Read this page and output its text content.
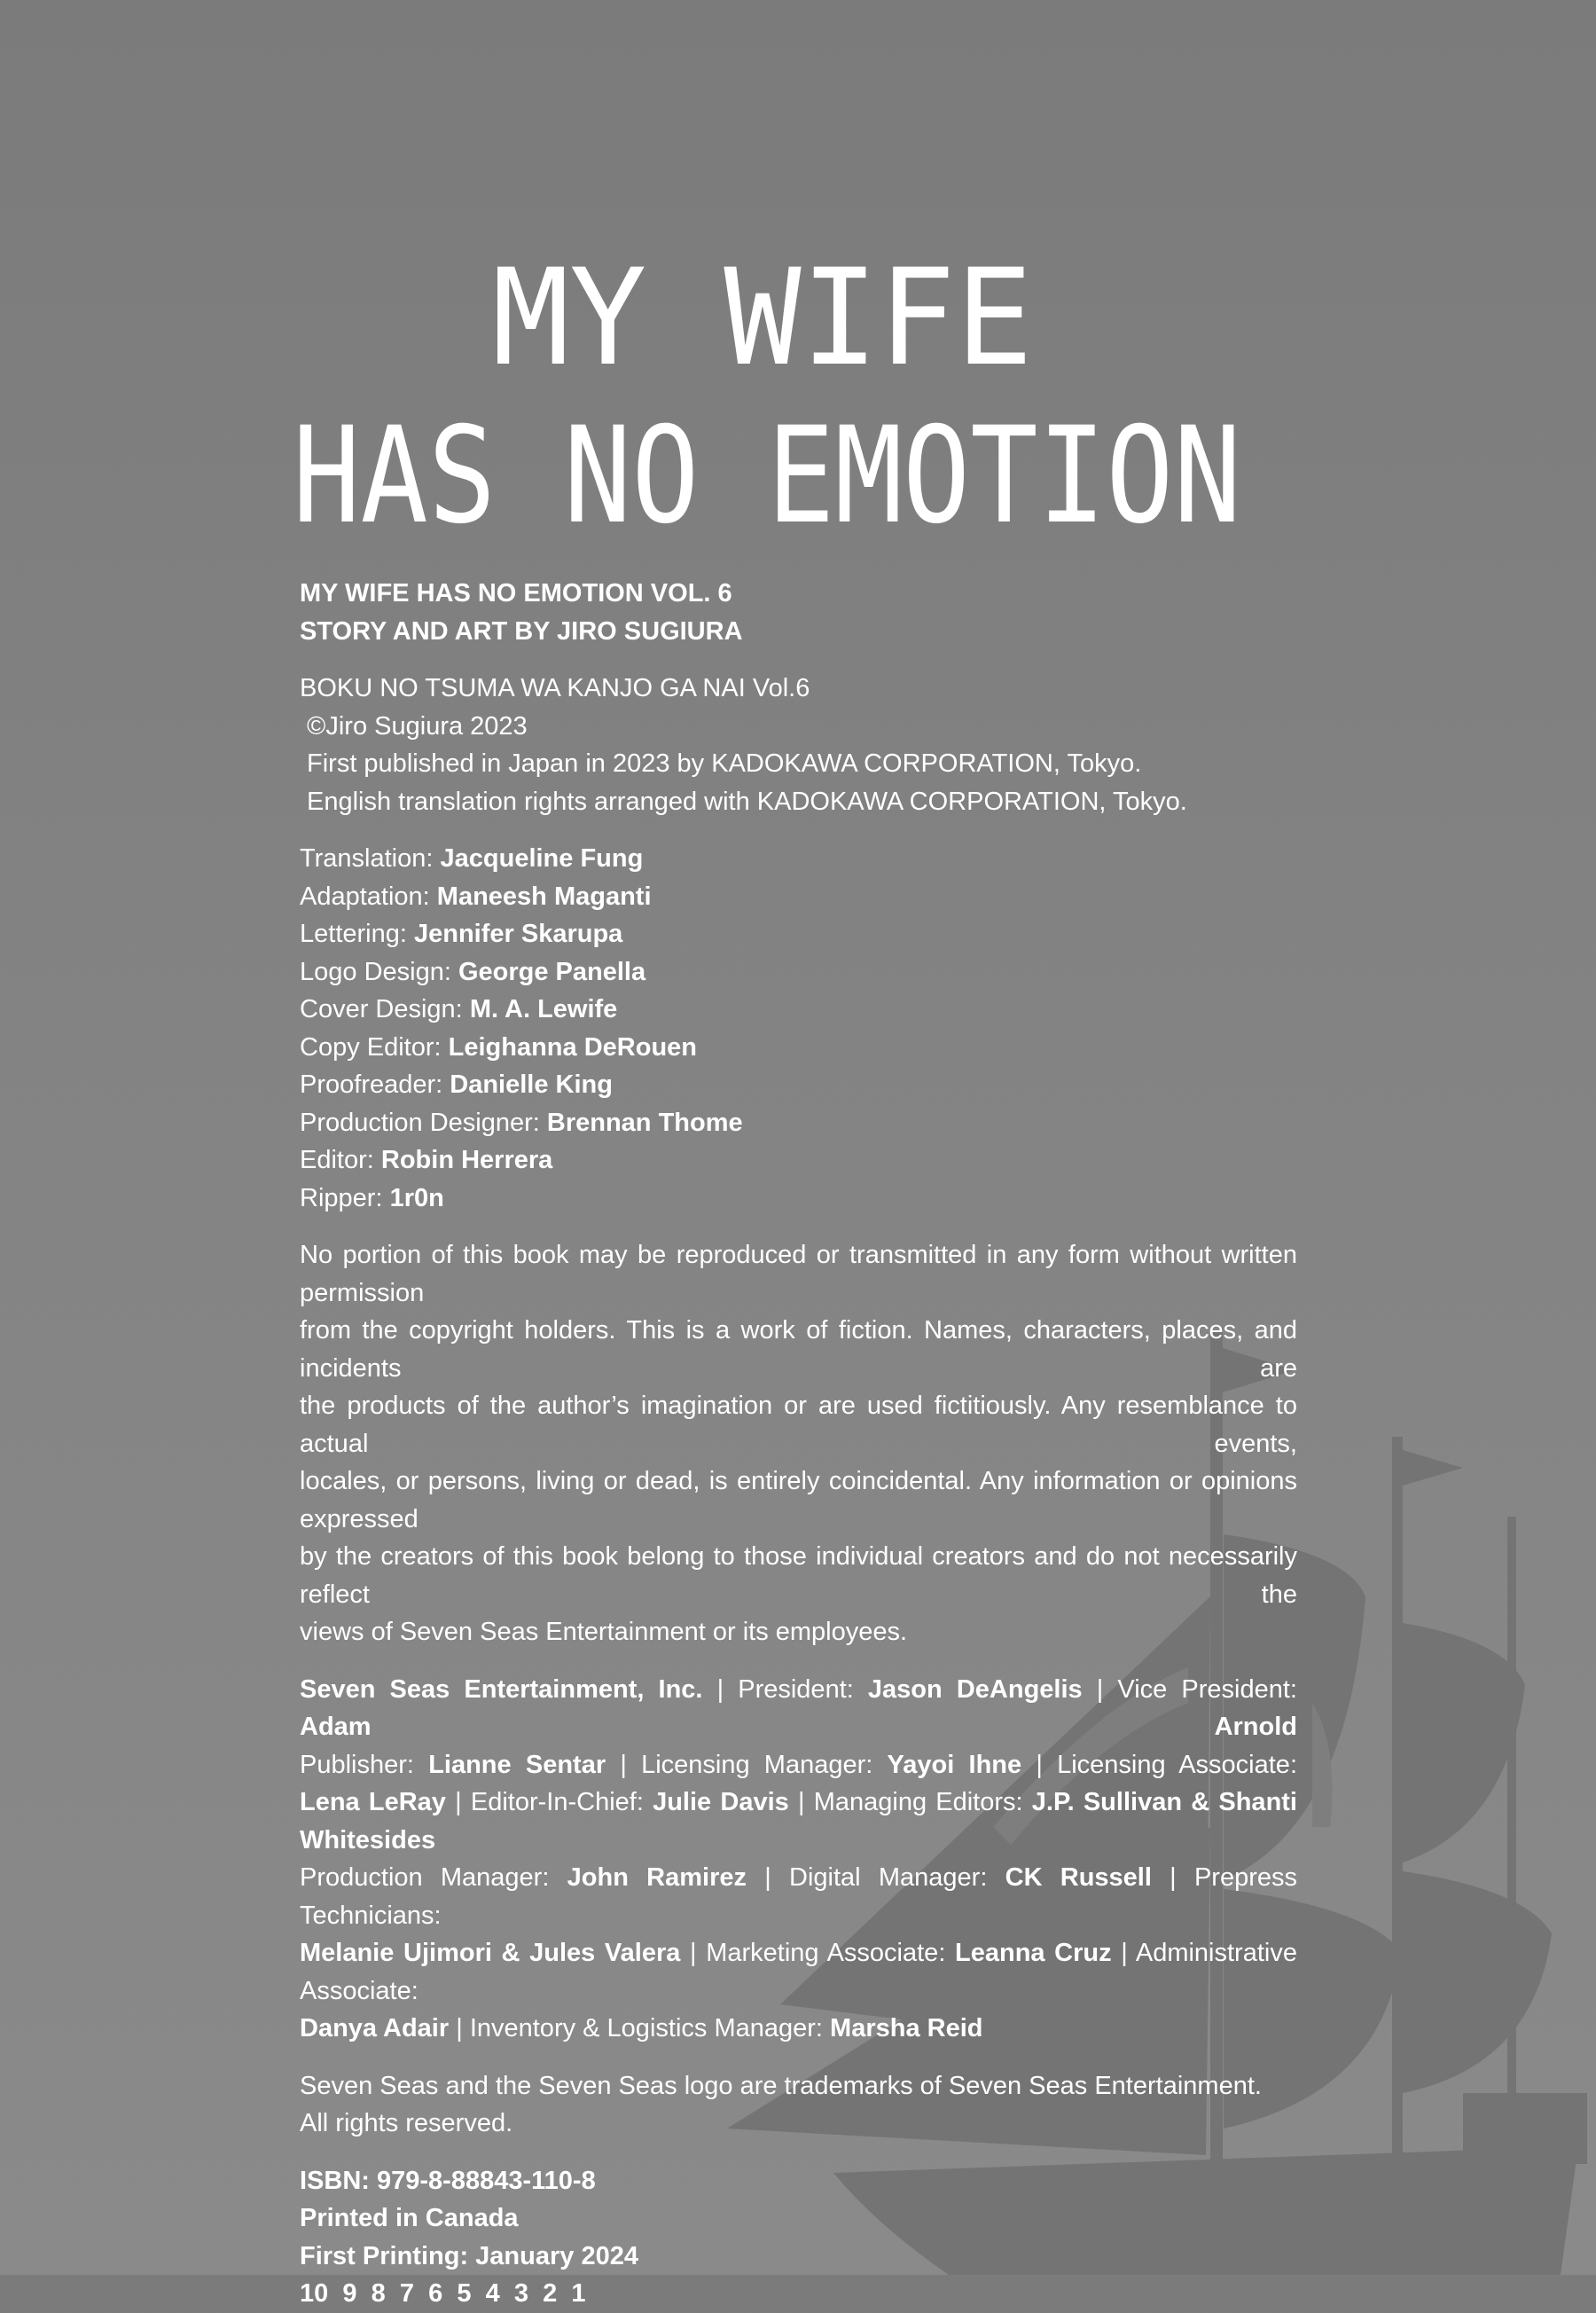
MY WIFE
HAS NO EMOTION
MY WIFE HAS NO EMOTION VOL. 6
STORY AND ART BY JIRO SUGIURA
BOKU NO TSUMA WA KANJO GA NAI Vol.6
©Jiro Sugiura 2023
First published in Japan in 2023 by KADOKAWA CORPORATION, Tokyo.
English translation rights arranged with KADOKAWA CORPORATION, Tokyo.
Translation: Jacqueline Fung
Adaptation: Maneesh Maganti
Lettering: Jennifer Skarupa
Logo Design: George Panella
Cover Design: M. A. Lewife
Copy Editor: Leighanna DeRouen
Proofreader: Danielle King
Production Designer: Brennan Thome
Editor: Robin Herrera
Ripper: 1r0n
No portion of this book may be reproduced or transmitted in any form without written permission
from the copyright holders. This is a work of fiction. Names, characters, places, and incidents are
the products of the author’s imagination or are used fictitiously. Any resemblance to actual events,
locales, or persons, living or dead, is entirely coincidental. Any information or opinions expressed
by the creators of this book belong to those individual creators and do not necessarily reflect the
views of Seven Seas Entertainment or its employees.
Seven Seas Entertainment, Inc. | President: Jason DeAngelis | Vice President: Adam Arnold
Publisher: Lianne Sentar | Licensing Manager: Yayoi Ihne | Licensing Associate:
Lena LeRay | Editor-In-Chief: Julie Davis | Managing Editors: J.P. Sullivan & Shanti Whitesides
Production Manager: John Ramirez | Digital Manager: CK Russell | Prepress Technicians:
Melanie Ujimori & Jules Valera | Marketing Associate: Leanna Cruz | Administrative Associate:
Danya Adair | Inventory & Logistics Manager: Marsha Reid
Seven Seas and the Seven Seas logo are trademarks of Seven Seas Entertainment.
All rights reserved.
ISBN: 979-8-88843-110-8
Printed in Canada
First Printing: January 2024
10  9  8  7  6  5  4  3  2  1
